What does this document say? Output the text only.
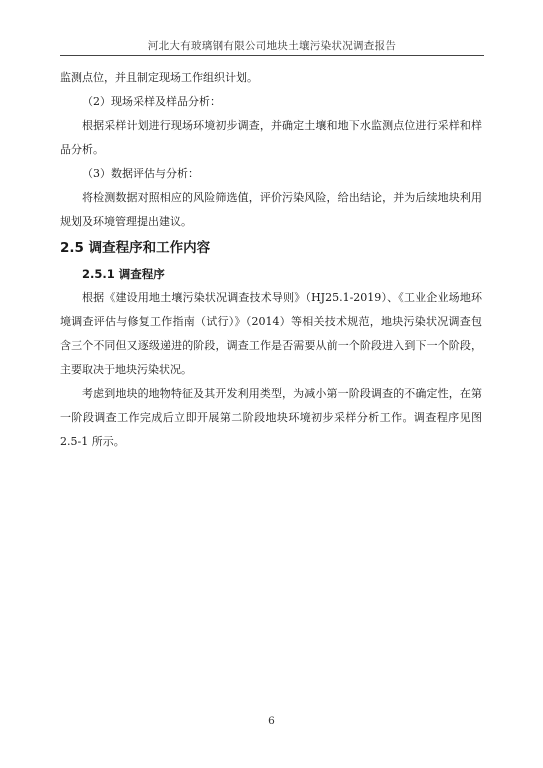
河北大有玻璃钢有限公司地块土壤污染状况调查报告

监测点位，并且制定现场工作组织计划。

（2）现场采样及样品分析：

根据采样计划进行现场环境初步调查，并确定土壤和地下水监测点位进行采样和样品分析。

（3）数据评估与分析：

将检测数据对照相应的风险筛选值，评价污染风险，给出结论，并为后续地块利用规划及环境管理提出建议。

2.5 调查程序和工作内容
2.5.1 调查程序

根据《建设用地土壤污染状况调查技术导则》（HJ25.1-2019）、《工业企业场地环境调查评估与修复工作指南（试行）》（2014）等相关技术规范，地块污染状况调查包含三个不同但又逐级递进的阶段，调查工作是否需要从前一个阶段进入到下一个阶段，主要取决于地块污染状况。

考虑到地块的地物特征及其开发利用类型，为减小第一阶段调查的不确定性，在第一阶段调查工作完成后立即开展第二阶段地块环境初步采样分析工作。调查程序见图 2.5-1 所示。

6
